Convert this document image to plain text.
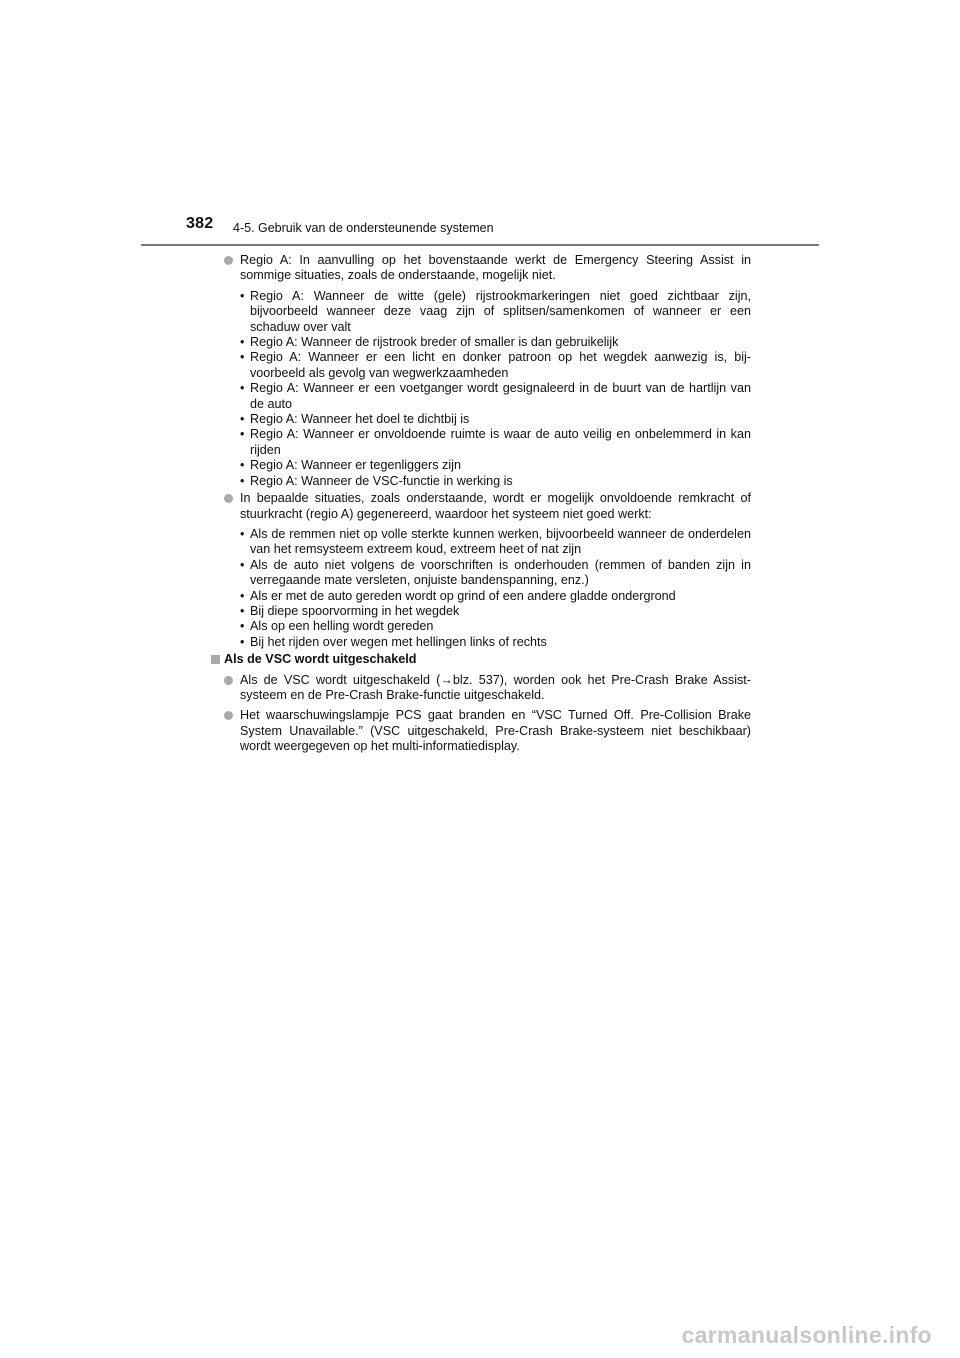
382 4-5. Gebruik van de ondersteunende systemen
Regio A: In aanvulling op het bovenstaande werkt de Emergency Steering Assist in sommige situaties, zoals de onderstaande, mogelijk niet.
• Regio A: Wanneer de witte (gele) rijstrookmarkeringen niet goed zichtbaar zijn, bijvoorbeeld wanneer deze vaag zijn of splitsen/samenkomen of wanneer er een schaduw over valt
• Regio A: Wanneer de rijstrook breder of smaller is dan gebruikelijk
• Regio A: Wanneer er een licht en donker patroon op het wegdek aanwezig is, bijvoorbeeld als gevolg van wegwerkzaamheden
• Regio A: Wanneer er een voetganger wordt gesignaleerd in de buurt van de hartlijn van de auto
• Regio A: Wanneer het doel te dichtbij is
• Regio A: Wanneer er onvoldoende ruimte is waar de auto veilig en onbelemmerd in kan rijden
• Regio A: Wanneer er tegenliggers zijn
• Regio A: Wanneer de VSC-functie in werking is
In bepaalde situaties, zoals onderstaande, wordt er mogelijk onvoldoende remkracht of stuurkracht (regio A) gegenereerd, waardoor het systeem niet goed werkt:
• Als de remmen niet op volle sterkte kunnen werken, bijvoorbeeld wanneer de onderdelen van het remsysteem extreem koud, extreem heet of nat zijn
• Als de auto niet volgens de voorschriften is onderhouden (remmen of banden zijn in verregaande mate versleten, onjuiste bandenspanning, enz.)
• Als er met de auto gereden wordt op grind of een andere gladde ondergrond
• Bij diepe spoorvorming in het wegdek
• Als op een helling wordt gereden
• Bij het rijden over wegen met hellingen links of rechts
Als de VSC wordt uitgeschakeld
Als de VSC wordt uitgeschakeld (→blz. 537), worden ook het Pre-Crash Brake Assist-systeem en de Pre-Crash Brake-functie uitgeschakeld.
Het waarschuwingslampje PCS gaat branden en “VSC Turned Off. Pre-Collision Brake System Unavailable.” (VSC uitgeschakeld, Pre-Crash Brake-systeem niet beschikbaar) wordt weergegeven op het multi-informatiedisplay.
carmanualsonline.info
